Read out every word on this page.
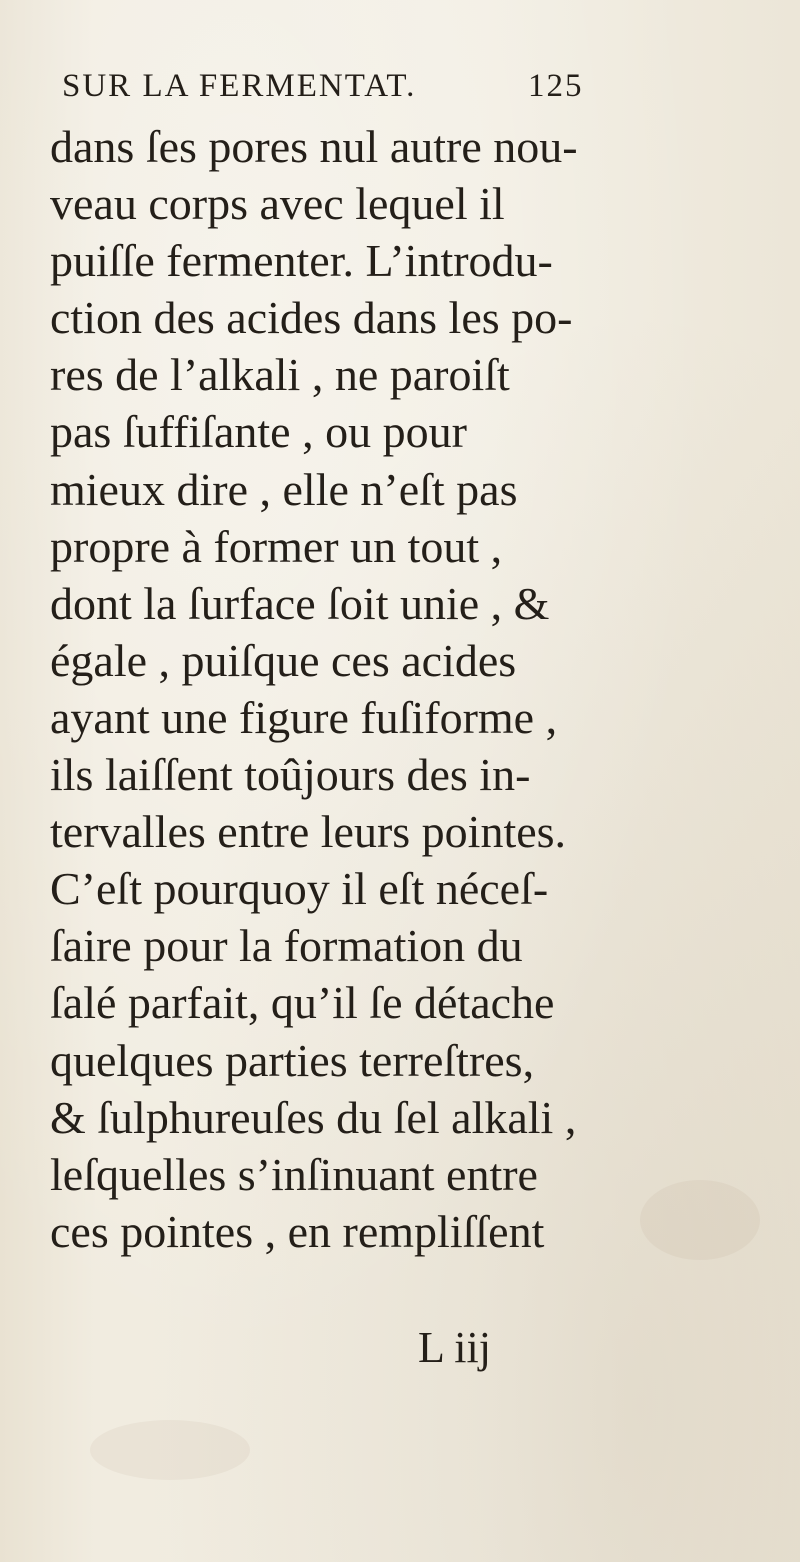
SUR LA FERMENTAT.	125
dans ſes pores nul autre nou-
veau corps avec lequel il
puiſſe fermenter. L’introdu-
ction des acides dans les po-
res de l’alkali , ne paroiſt
pas ſuffiſante , ou pour
mieux dire , elle n’eſt pas
propre à former un tout ,
dont la ſurface ſoit unie , &
égale , puiſque ces acides
ayant une figure fuſiforme ,
ils laiſſent toûjours des in-
tervalles entre leurs pointes.
C’eſt pourquoy il eſt néceſ-
ſaire pour la formation du
ſalé parfait, qu’il ſe détache
quelques parties terreſtres,
& ſulphureuſes du ſel alkali ,
leſquelles s’inſinuant entre
ces pointes , en rempliſſent
L iij
